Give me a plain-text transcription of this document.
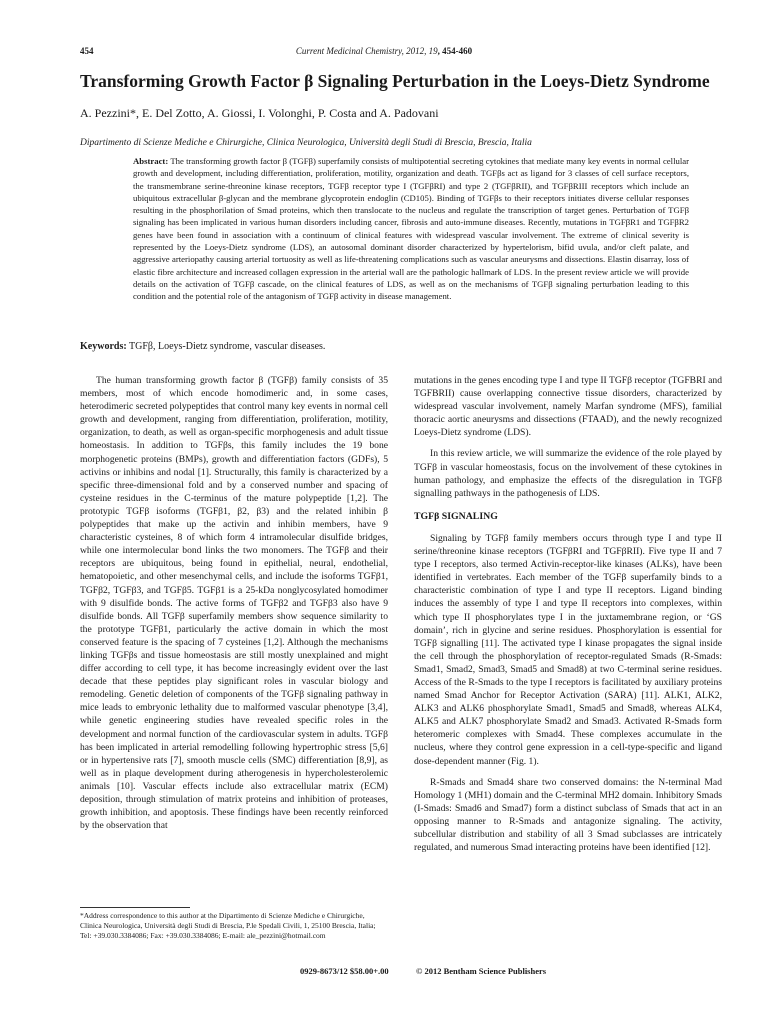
454	Current Medicinal Chemistry, 2012, 19, 454-460
Transforming Growth Factor β Signaling Perturbation in the Loeys-Dietz Syndrome
A. Pezzini*, E. Del Zotto, A. Giossi, I. Volonghi, P. Costa and A. Padovani
Dipartimento di Scienze Mediche e Chirurgiche, Clinica Neurologica, Università degli Studi di Brescia, Brescia, Italia
Abstract: The transforming growth factor β (TGFβ) superfamily consists of multipotential secreting cytokines that mediate many key events in normal cellular growth and development, including differentiation, proliferation, motility, organization and death. TGFβs act as ligand for 3 classes of cell surface receptors, the transmembrane serine-threonine kinase receptors, TGFβ receptor type I (TGFβRI) and type 2 (TGFβRII), and TGFβRIII receptors which include an ubiquitous extracellular β-glycan and the membrane glycoprotein endoglin (CD105). Binding of TGFβs to their receptors initiates diverse cellular responses resulting in the phosphorilation of Smad proteins, which then translocate to the nucleus and regulate the transcription of target genes. Perturbation of TGFβ signaling has been implicated in various human disorders including cancer, fibrosis and auto-immune diseases. Recently, mutations in TGFβR1 and TGFβR2 genes have been found in association with a continuum of clinical features with widespread vascular involvement. The extreme of clinical severity is represented by the Loeys-Dietz syndrome (LDS), an autosomal dominant disorder characterized by hypertelorism, bifid uvula, and/or cleft palate, and aggressive arteriopathy causing arterial tortuosity as well as life-threatening complications such as vascular aneurysms and dissections. Elastin disarray, loss of elastic fibre architecture and increased collagen expression in the arterial wall are the pathologic hallmark of LDS. In the present review article we will provide details on the activation of TGFβ cascade, on the clinical features of LDS, as well as on the mechanisms of TGFβ signaling perturbation leading to this condition and the potential role of the antagonism of TGFβ activity in disease management.
Keywords: TGFβ, Loeys-Dietz syndrome, vascular diseases.

The human transforming growth factor β (TGFβ) family consists of 35 members, most of which encode homodimeric and, in some cases, heterodimeric secreted polypeptides that control many key events in normal cell growth and development, ranging from differentiation, proliferation, motility, organization, to death, as well as organ-specific morphogenesis and adult tissue homeostasis. In addition to TGFβs, this family includes the 19 bone morphogenetic proteins (BMPs), growth and differentiation factors (GDFs), 5 activins or inhibins and nodal [1]. Structurally, this family is characterized by a specific three-dimensional fold and by a conserved number and spacing of cysteine residues in the C-terminus of the mature polypeptide [1,2]. The prototypic TGFβ isoforms (TGFβ1, β2, β3) and the related inhibin β polypeptides that make up the activin and inhibin members, have 9 characteristic cysteines, 8 of which form 4 intramolecular disulfide bridges, while one intermolecular bond links the two monomers. The TGFβ and their receptors are ubiquitous, being found in epithelial, neural, endothelial, hematopoietic, and other mesenchymal cells, and include the isoforms TGFβ1, TGFβ2, TGFβ3, and TGFβ5. TGFβ1 is a 25-kDa nonglycosylated homodimer with 9 disulfide bonds. The active forms of TGFβ2 and TGFβ3 also have 9 disulfide bonds. All TGFβ superfamily members show sequence similarity to the prototype TGFβ1, particularly the active domain in which the most conserved feature is the spacing of 7 cysteines [1,2]. Although the mechanisms linking TGFβs and tissue homeostasis are still mostly unexplained and might differ according to cell type, it has become increasingly evident over the last decade that these peptides play significant roles in vascular biology and remodeling. Genetic deletion of components of the TGFβ signaling pathway in mice leads to embryonic lethality due to malformed vascular phenotype [3,4], while genetic engineering studies have revealed specific roles in the development and normal function of the cardiovascular system in adults. TGFβ has been implicated in arterial remodelling following hypertrophic stress [5,6] or in hypertensive rats [7], smooth muscle cells (SMC) differentiation [8,9], as well as in plaque development during atherogenesis in hypercholesterolemic animals [10]. Vascular effects include also extracellular matrix (ECM) deposition, through stimulation of matrix proteins and inhibition of proteases, growth inhibition, and apoptosis. These findings have been recently reinforced by the observation that

mutations in the genes encoding type I and type II TGFβ receptor (TGFBRI and TGFBRII) cause overlapping connective tissue disorders, characterized by widespread vascular involvement, namely Marfan syndrome (MFS), familial thoracic aortic aneurysms and dissections (FTAAD), and the newly recognized Loeys-Dietz syndrome (LDS).

In this review article, we will summarize the evidence of the role played by TGFβ in vascular homeostasis, focus on the involvement of these cytokines in human pathology, and emphasize the effects of the disregulation in TGFβ signalling pathways in the pathogenesis of LDS.

TGFβ SIGNALING

Signaling by TGFβ family members occurs through type I and type II serine/threonine kinase receptors (TGFβRI and TGFβRII). Five type II and 7 type I receptors, also termed Activin-receptor-like kinases (ALKs), have been identified in vertebrates. Each member of the TGFβ superfamily binds to a characteristic combination of type I and type II receptors. Ligand binding induces the assembly of type I and type II receptors into complexes, within which type II phosphorylates type I in the juxtamembrane region, or ‘GS domain’, rich in glycine and serine residues. Phosphorylation is essential for TGFβ signalling [11]. The activated type I kinase propagates the signal inside the cell through the phosphorylation of receptor-regulated Smads (R-Smads: Smad1, Smad2, Smad3, Smad5 and Smad8) at two C-terminal serine residues. Access of the R-Smads to the type I receptors is facilitated by auxiliary proteins named Smad Anchor for Receptor Activation (SARA) [11]. ALK1, ALK2, ALK3 and ALK6 phosphorylate Smad1, Smad5 and Smad8, whereas ALK4, ALK5 and ALK7 phosphorylate Smad2 and Smad3. Activated R-Smads form heteromeric complexes with Smad4. These complexes accumulate in the nucleus, where they control gene expression in a cell-type-specific and ligand dose-dependent manner (Fig. 1).

R-Smads and Smad4 share two conserved domains: the N-terminal Mad Homology 1 (MH1) domain and the C-terminal MH2 domain. Inhibitory Smads (I-Smads: Smad6 and Smad7) form a distinct subclass of Smads that act in an opposing manner to R-Smads and antagonize signaling. The activity, subcellular distribution and stability of all 3 Smad subclasses are intricately regulated, and numerous Smad interacting proteins have been identified [12].

*Address correspondence to this author at the Dipartimento di Scienze Mediche e Chirurgiche, Clinica Neurologica, Università degli Studi di Brescia, P.le Spedali Civili, 1, 25100 Brescia, Italia; Tel: +39.030.3384086; Fax: +39.030.3384086; E-mail: ale_pezzini@hotmail.com
0929-8673/12 $58.00+.00	© 2012 Bentham Science Publishers
